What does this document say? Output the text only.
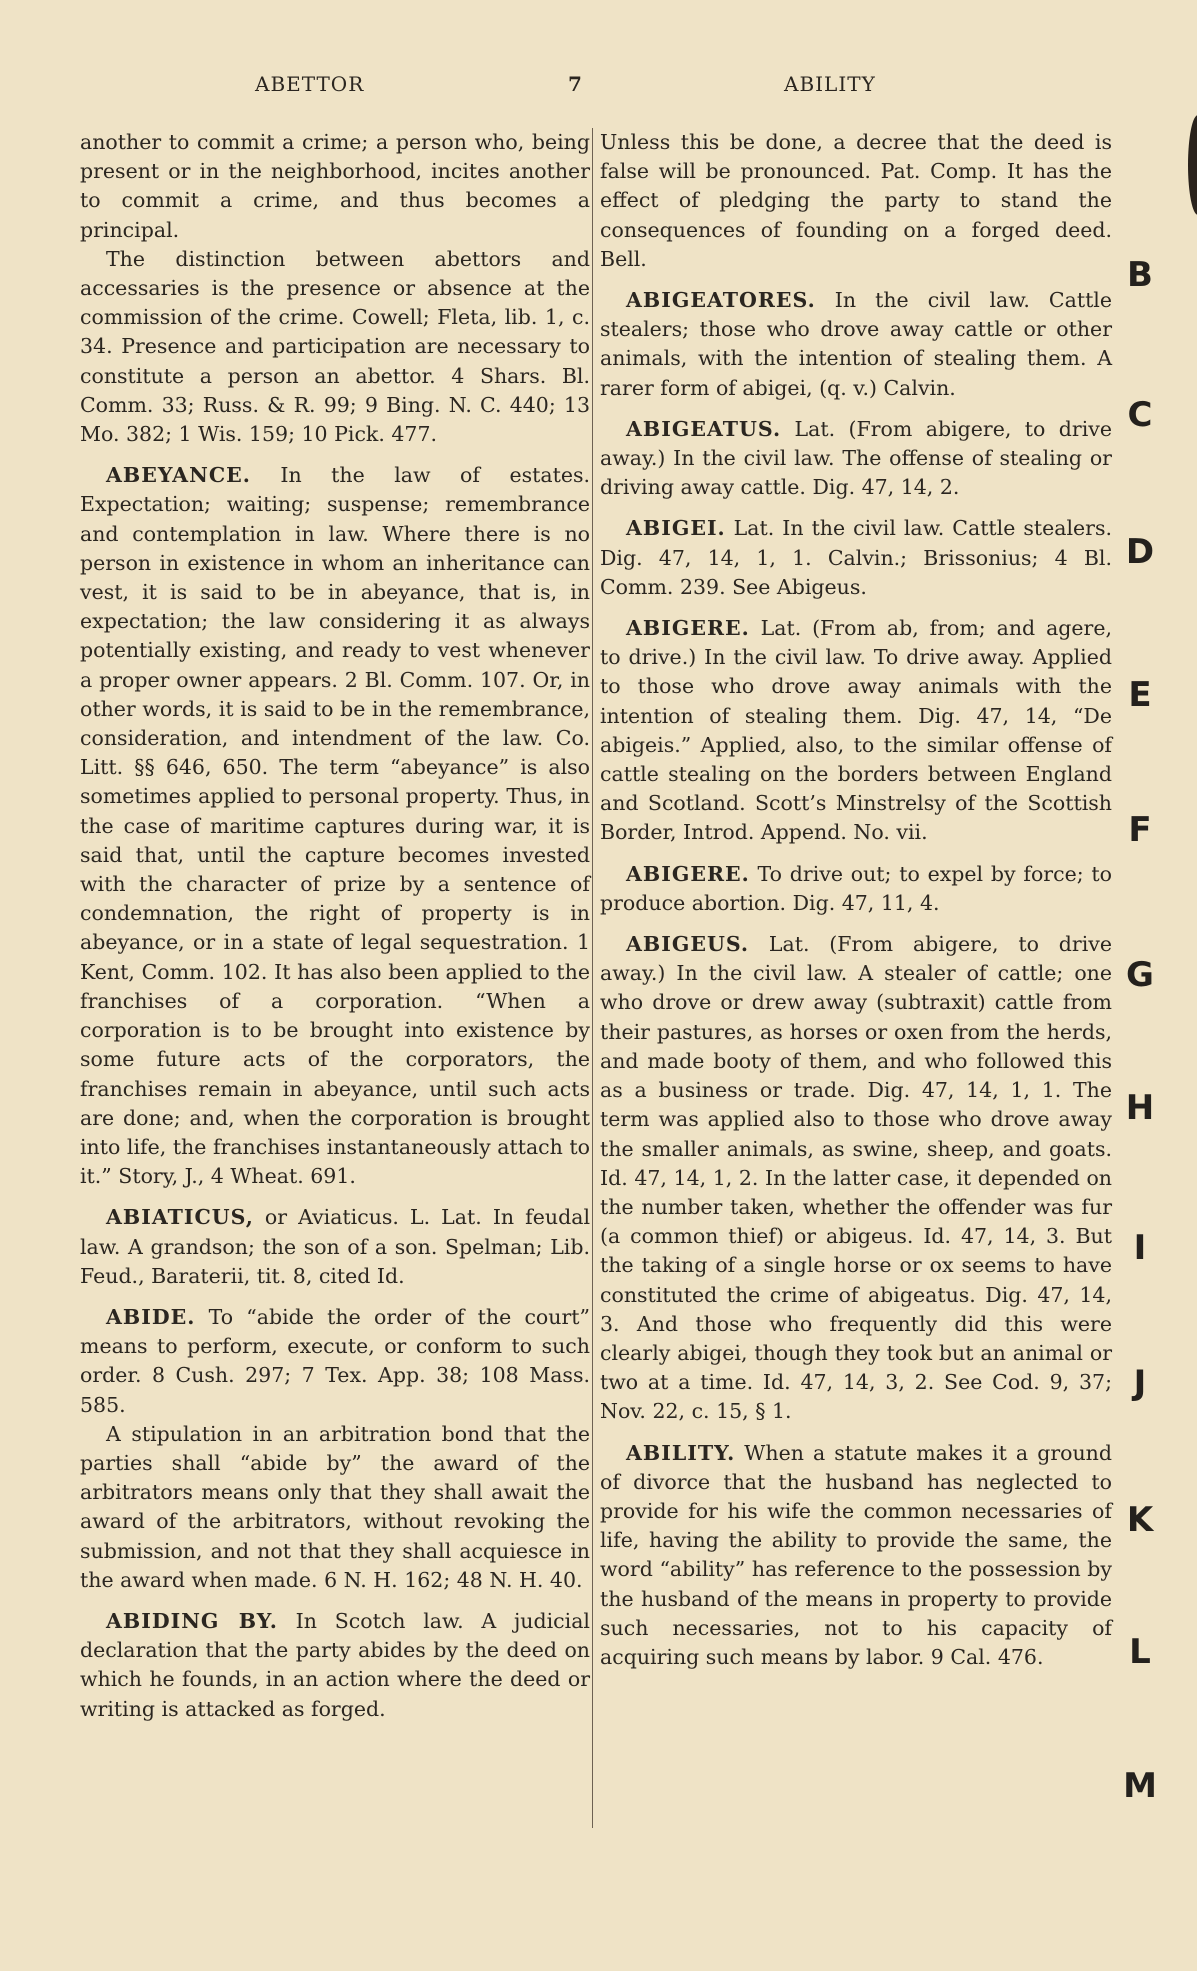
ABETTOR	7	ABILITY

another to commit a crime; a person who, being present or in the neighborhood, incites another to commit a crime, and thus becomes a principal.

The distinction between abettors and accessaries is the presence or absence at the commission of the crime. Cowell; Fleta, lib. 1, c. 34. Presence and participation are necessary to constitute a person an abettor. 4 Shars. Bl. Comm. 33; Russ. & R. 99; 9 Bing. N. C. 440; 13 Mo. 382; 1 Wis. 159; 10 Pick. 477.

ABEYANCE. In the law of estates. Expectation; waiting; suspense; remembrance and contemplation in law. Where there is no person in existence in whom an inheritance can vest, it is said to be in abeyance, that is, in expectation; the law considering it as always potentially existing, and ready to vest whenever a proper owner appears. 2 Bl. Comm. 107. Or, in other words, it is said to be in the remembrance, consideration, and intendment of the law. Co. Litt. §§ 646, 650. The term “abeyance” is also sometimes applied to personal property. Thus, in the case of maritime captures during war, it is said that, until the capture becomes invested with the character of prize by a sentence of condemnation, the right of property is in abeyance, or in a state of legal sequestration. 1 Kent, Comm. 102. It has also been applied to the franchises of a corporation. “When a corporation is to be brought into existence by some future acts of the corporators, the franchises remain in abeyance, until such acts are done; and, when the corporation is brought into life, the franchises instantaneously attach to it.” Story, J., 4 Wheat. 691.

ABIATICUS, or Aviaticus. L. Lat. In feudal law. A grandson; the son of a son. Spelman; Lib. Feud., Baraterii, tit. 8, cited Id.

ABIDE. To “abide the order of the court” means to perform, execute, or conform to such order. 8 Cush. 297; 7 Tex. App. 38; 108 Mass. 585.

A stipulation in an arbitration bond that the parties shall “abide by” the award of the arbitrators means only that they shall await the award of the arbitrators, without revoking the submission, and not that they shall acquiesce in the award when made. 6 N. H. 162; 48 N. H. 40.

ABIDING BY. In Scotch law. A judicial declaration that the party abides by the deed on which he founds, in an action where the deed or writing is attacked as forged.

Unless this be done, a decree that the deed is false will be pronounced. Pat. Comp. It has the effect of pledging the party to stand the consequences of founding on a forged deed. Bell.

ABIGEATORES. In the civil law. Cattle stealers; those who drove away cattle or other animals, with the intention of stealing them. A rarer form of abigei, (q. v.) Calvin.

ABIGEATUS. Lat. (From abigere, to drive away.) In the civil law. The offense of stealing or driving away cattle. Dig. 47, 14, 2.

ABIGEI. Lat. In the civil law. Cattle stealers. Dig. 47, 14, 1, 1. Calvin.; Brissonius; 4 Bl. Comm. 239. See Abigeus.

ABIGERE. Lat. (From ab, from; and agere, to drive.) In the civil law. To drive away. Applied to those who drove away animals with the intention of stealing them. Dig. 47, 14, “De abigeis.” Applied, also, to the similar offense of cattle stealing on the borders between England and Scotland. Scott’s Minstrelsy of the Scottish Border, Introd. Append. No. vii.

ABIGERE. To drive out; to expel by force; to produce abortion. Dig. 47, 11, 4.

ABIGEUS. Lat. (From abigere, to drive away.) In the civil law. A stealer of cattle; one who drove or drew away (subtraxit) cattle from their pastures, as horses or oxen from the herds, and made booty of them, and who followed this as a business or trade. Dig. 47, 14, 1, 1. The term was applied also to those who drove away the smaller animals, as swine, sheep, and goats. Id. 47, 14, 1, 2. In the latter case, it depended on the number taken, whether the offender was fur (a common thief) or abigeus. Id. 47, 14, 3. But the taking of a single horse or ox seems to have constituted the crime of abigeatus. Dig. 47, 14, 3. And those who frequently did this were clearly abigei, though they took but an animal or two at a time. Id. 47, 14, 3, 2. See Cod. 9, 37; Nov. 22, c. 15, § 1.

ABILITY. When a statute makes it a ground of divorce that the husband has neglected to provide for his wife the common necessaries of life, having the ability to provide the same, the word “ability” has reference to the possession by the husband of the means in property to provide such necessaries, not to his capacity of acquiring such means by labor. 9 Cal. 476.

B
C
D
E
F
G
H
I
J
K
L
M
